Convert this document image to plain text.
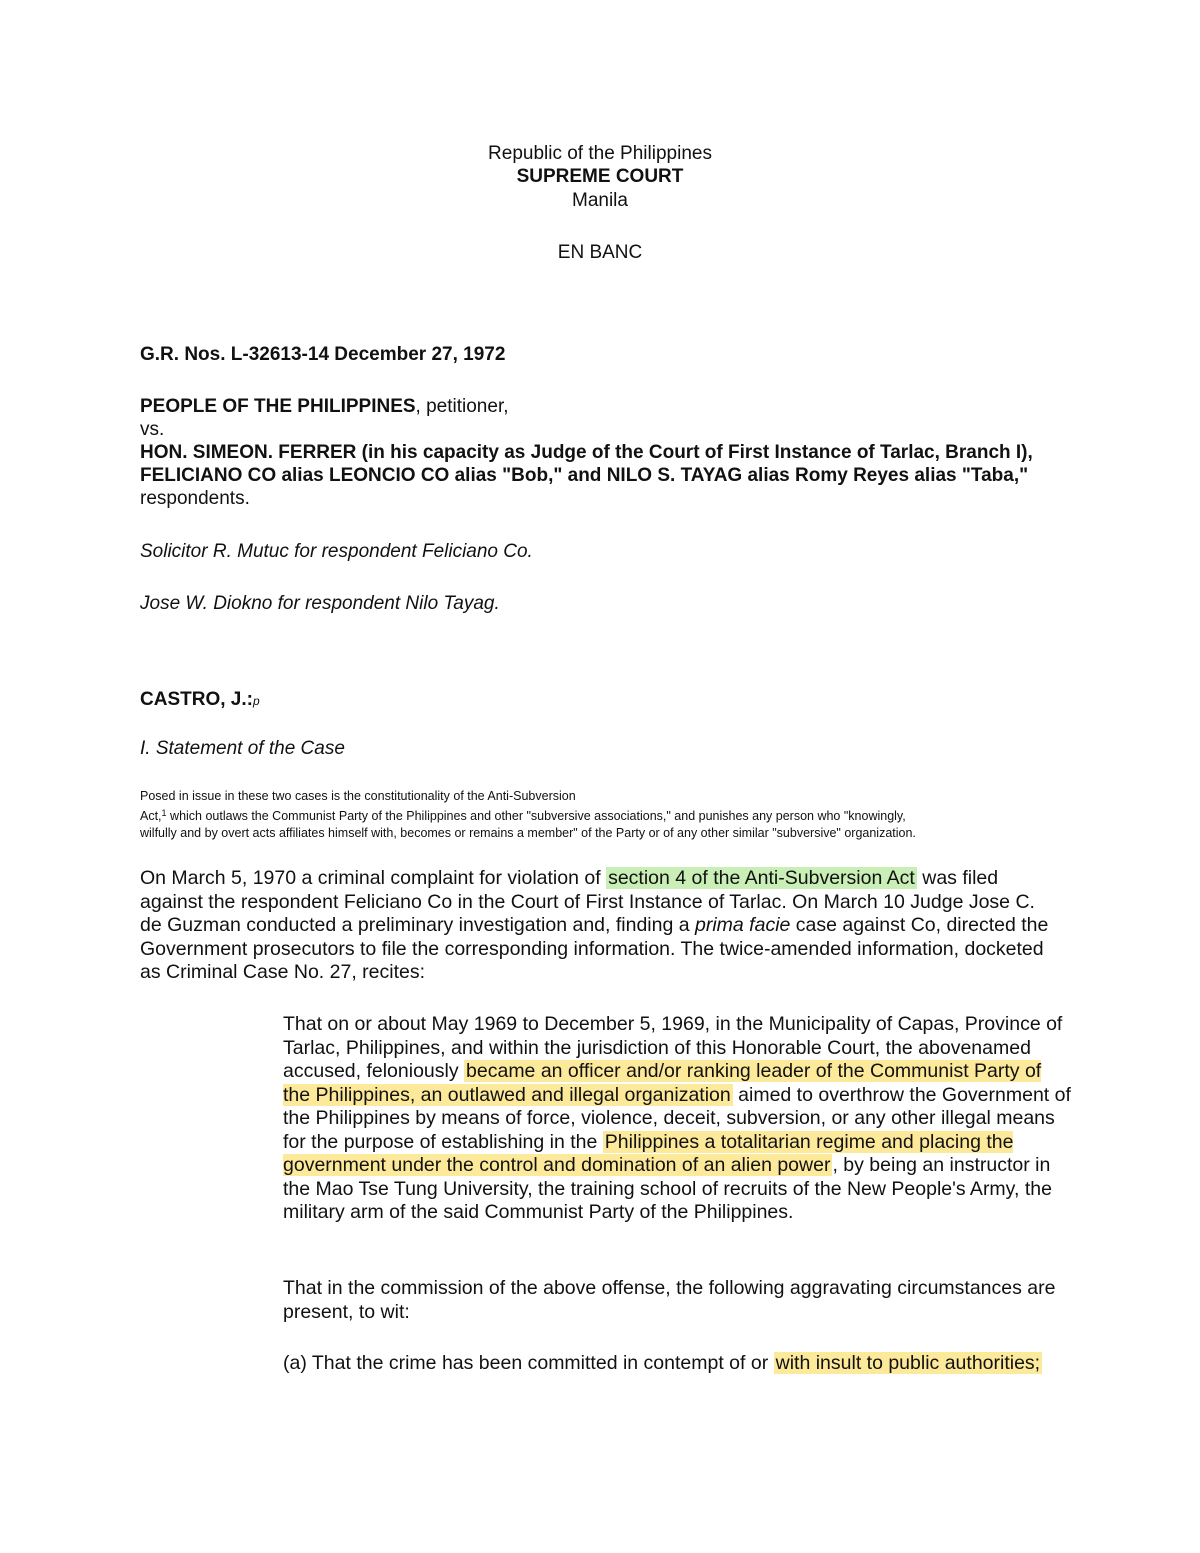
Republic of the Philippines
SUPREME COURT
Manila
EN BANC
G.R. Nos. L-32613-14 December 27, 1972
PEOPLE OF THE PHILIPPINES, petitioner,
vs.
HON. SIMEON. FERRER (in his capacity as Judge of the Court of First Instance of Tarlac, Branch I), FELICIANO CO alias LEONCIO CO alias "Bob," and NILO S. TAYAG alias Romy Reyes alias "Taba," respondents.
Solicitor R. Mutuc for respondent Feliciano Co.
Jose W. Diokno for respondent Nilo Tayag.
CASTRO, J.:p
I. Statement of the Case
Posed in issue in these two cases is the constitutionality of the Anti-Subversion
Act,$^1$ which outlaws the Communist Party of the Philippines and other "subversive associations," and punishes any person who "knowingly,
wilfully and by overt acts affiliates himself with, becomes or remains a member" of the Party or of any other similar "subversive" organization.
On March 5, 1970 a criminal complaint for violation of section 4 of the Anti-Subversion Act was filed against the respondent Feliciano Co in the Court of First Instance of Tarlac. On March 10 Judge Jose C. de Guzman conducted a preliminary investigation and, finding a prima facie case against Co, directed the Government prosecutors to file the corresponding information. The twice-amended information, docketed as Criminal Case No. 27, recites:
That on or about May 1969 to December 5, 1969, in the Municipality of Capas, Province of Tarlac, Philippines, and within the jurisdiction of this Honorable Court, the abovenamed accused, feloniously became an officer and/or ranking leader of the Communist Party of the Philippines, an outlawed and illegal organization aimed to overthrow the Government of the Philippines by means of force, violence, deceit, subversion, or any other illegal means for the purpose of establishing in the Philippines a totalitarian regime and placing the government under the control and domination of an alien power , by being an instructor in the Mao Tse Tung University, the training school of recruits of the New People's Army, the military arm of the said Communist Party of the Philippines.
That in the commission of the above offense, the following aggravating circumstances are present, to wit:
(a) That the crime has been committed in contempt of or with insult to public authorities;
